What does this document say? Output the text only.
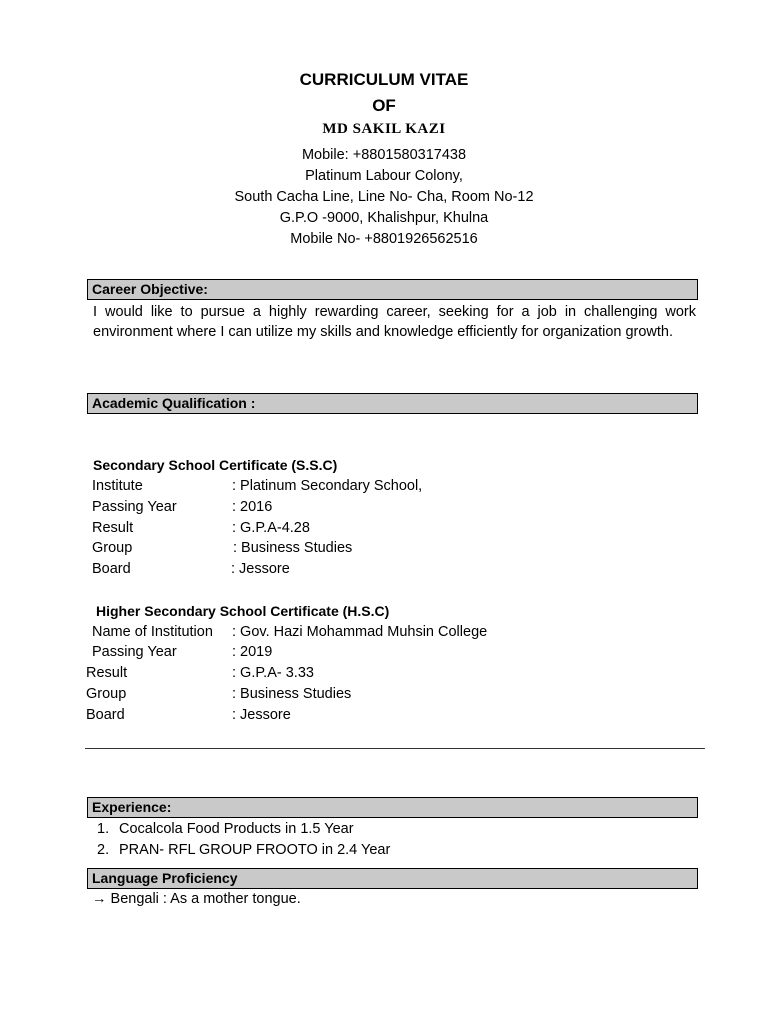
CURRICULUM VITAE
OF
MD SAKIL KAZI
Mobile: +8801580317438
Platinum Labour Colony,
South Cacha Line, Line No- Cha, Room No-12
G.P.O -9000, Khalishpur, Khulna
Mobile No- +8801926562516
Career Objective:
I would like to pursue a highly rewarding career, seeking for a job in challenging work environment where I can utilize my skills and knowledge efficiently for organization growth.
Academic Qualification :
Secondary School Certificate (S.S.C)
Institute	: Platinum Secondary School,
Passing Year	: 2016
Result	: G.P.A-4.28
Group	: Business Studies
Board	: Jessore
Higher Secondary School Certificate (H.S.C)
Name of Institution : Gov. Hazi Mohammad Muhsin College
Passing Year	: 2019
Result	: G.P.A- 3.33
Group	: Business Studies
Board	: Jessore
Experience:
1. Cocalcola Food Products in 1.5 Year
2. PRAN- RFL GROUP FROOTO in 2.4 Year
Language Proficiency
→ Bengali : As a mother tongue.
